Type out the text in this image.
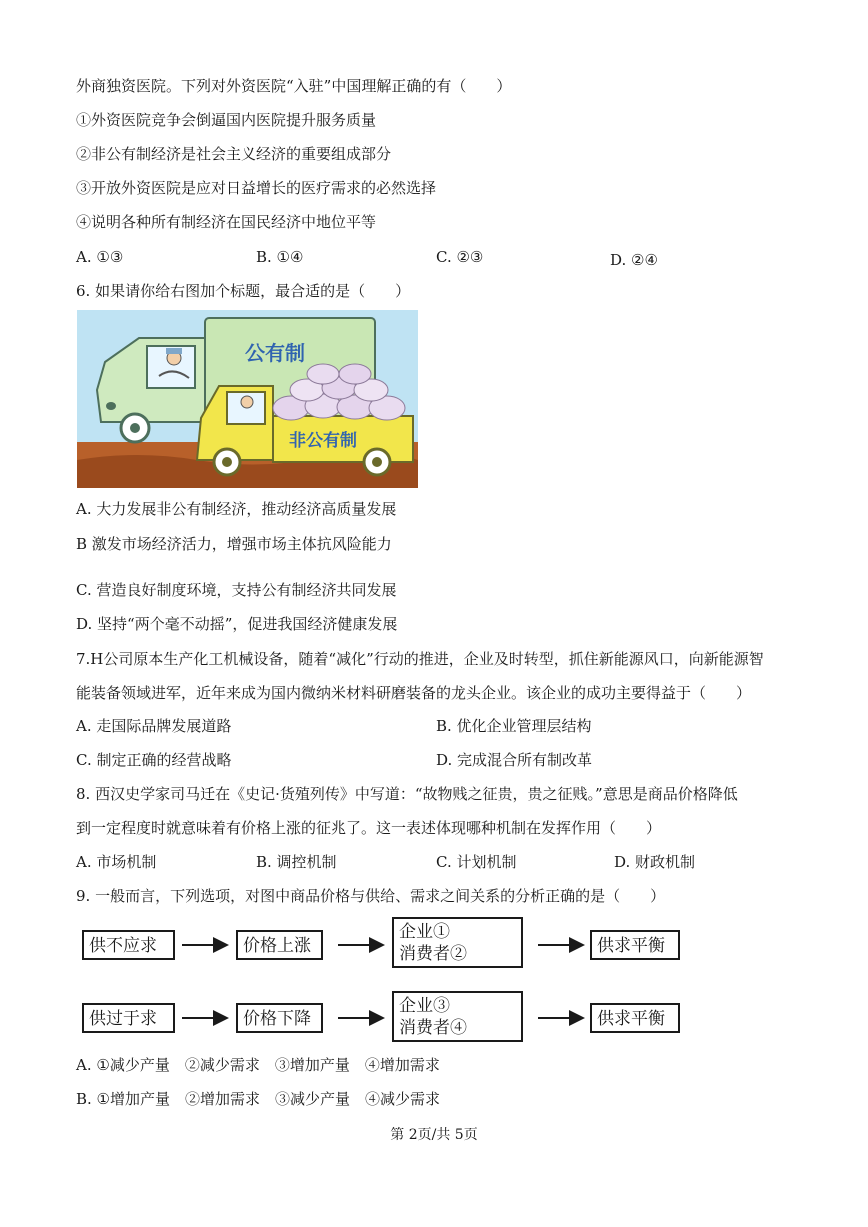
外商独资医院。下列对外资医院“入驻”中国理解正确的有（　　）
①外资医院竞争会倒逼国内医院提升服务质量
②非公有制经济是社会主义经济的重要组成部分
③开放外资医院是应对日益增长的医疗需求的必然选择
④说明各种所有制经济在国民经济中地位平等
A. ①③	B. ①④	C. ②③	D. ②④
6. 如果请你给右图加个标题，最合适的是（　　）
公有制
非公有制
A. 大力发展非公有制经济，推动经济高质量发展
B 激发市场经济活力，增强市场主体抗风险能力
C. 营造良好制度环境，支持公有制经济共同发展
D. 坚持“两个毫不动摇”，促进我国经济健康发展
7.H公司原本生产化工机械设备，随着“减化”行动的推进，企业及时转型，抓住新能源风口，向新能源智
能装备领域进军，近年来成为国内微纳米材料研磨装备的龙头企业。该企业的成功主要得益于（　　）
A. 走国际品牌发展道路	B. 优化企业管理层结构
C. 制定正确的经营战略	D. 完成混合所有制改革
8. 西汉史学家司马迁在《史记·货殖列传》中写道：“故物贱之征贵，贵之征贱。”意思是商品价格降低
到一定程度时就意味着有价格上涨的征兆了。这一表述体现哪种机制在发挥作用（　　）
A. 市场机制	B. 调控机制	C. 计划机制	D. 财政机制
9. 一般而言，下列选项，对图中商品价格与供给、需求之间关系的分析正确的是（　　）
供不应求	价格上涨
企业①
消费者②	供求平衡
供过于求	价格下降
企业③
消费者④	供求平衡
A. ①减少产量　②减少需求　③增加产量　④增加需求
B. ①增加产量　②增加需求　③减少产量　④减少需求
第 2页/共 5页
